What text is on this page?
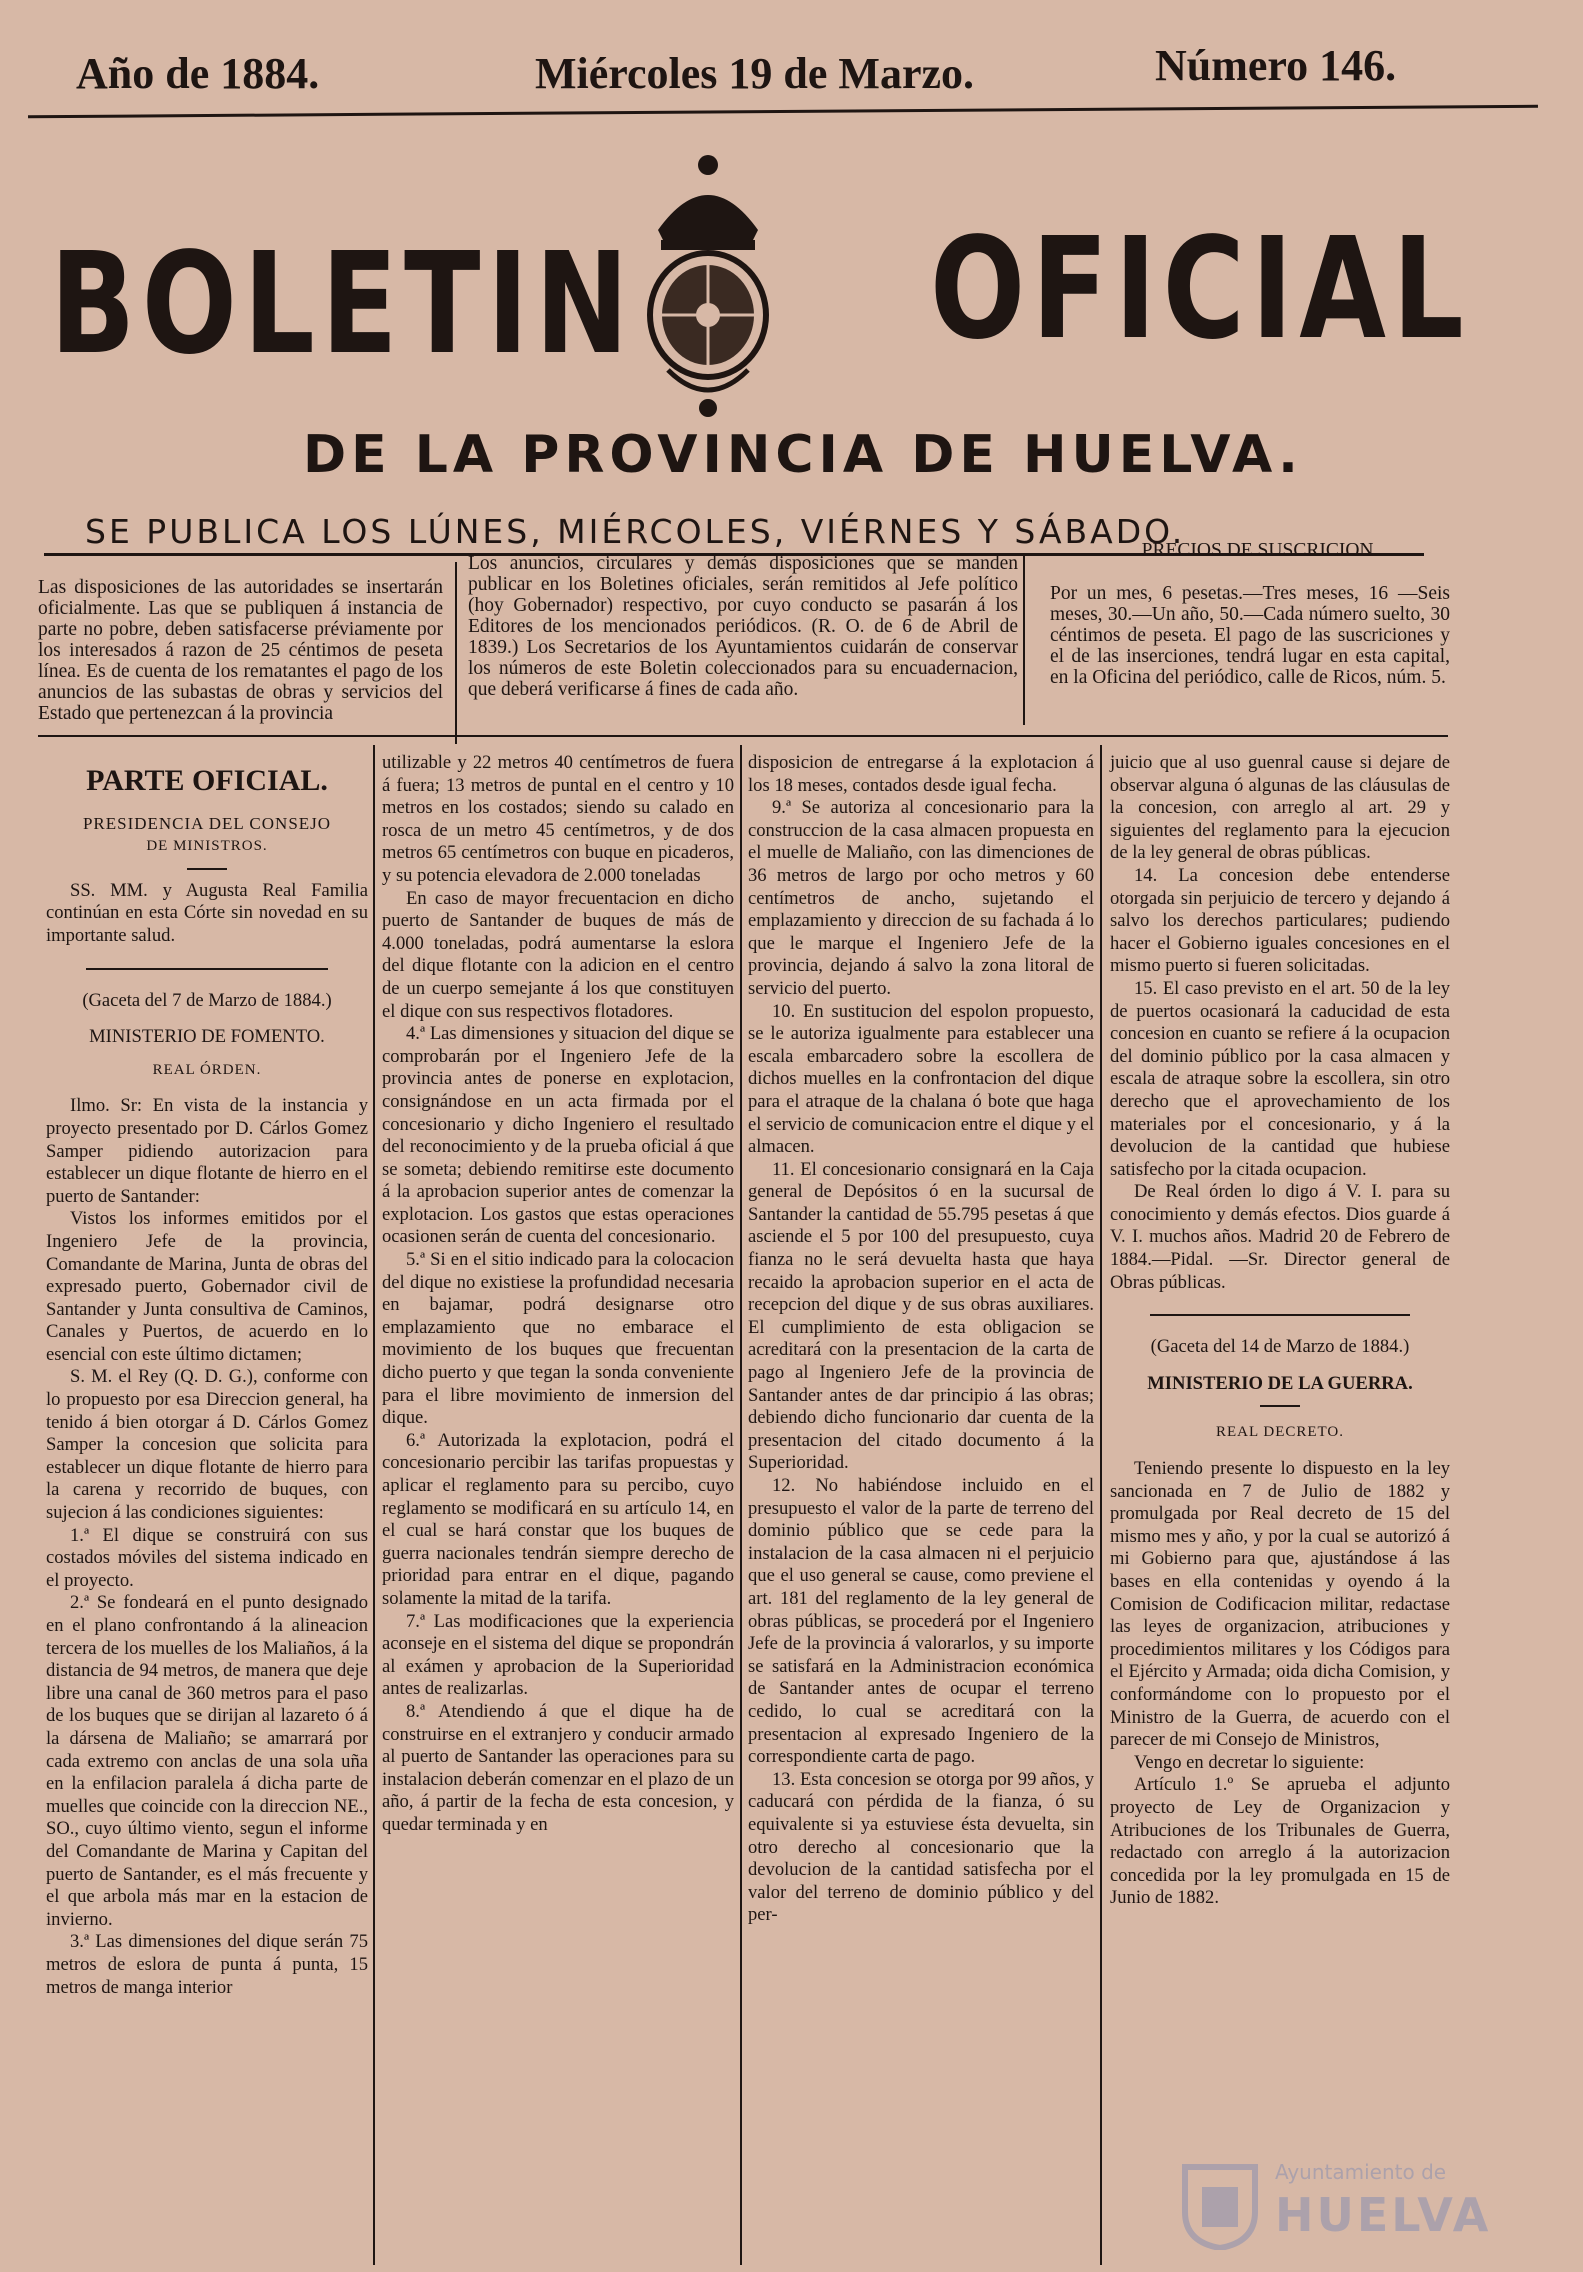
Año de 1884.	Miércoles 19 de Marzo.	Número 146.
BOLETIN OFICIAL
DE LA PROVINCIA DE HUELVA.
SE PUBLICA LOS LÚNES, MIÉRCOLES, VIÉRNES Y SÁBADO.
Las disposiciones de las autoridades se insertarán oficialmente. Las que se publiquen á instancia de parte no pobre, deben satisfacerse préviamente por los interesados á razon de 25 céntimos de peseta línea. Es de cuenta de los rematantes el pago de los anuncios de las subastas de obras y servicios del Estado que pertenezcan á la provincia
Los anuncios, circulares y demás disposiciones que se manden publicar en los Boletines oficiales, serán remitidos al Jefe político (hoy Gobernador) respectivo, por cuyo conducto se pasarán á los Editores de los mencionados periódicos. (R. O. de 6 de Abril de 1839.) Los Secretarios de los Ayuntamientos cuidarán de conservar los números de este Boletin coleccionados para su encuadernacion, que deberá verificarse á fines de cada año.
PRECIOS DE SUSCRICION.
Por un mes, 6 pesetas.—Tres meses, 16 —Seis meses, 30.—Un año, 50.—Cada número suelto, 30 céntimos de peseta. El pago de las suscriciones y el de las inserciones, tendrá lugar en esta capital, en la Oficina del periódico, calle de Ricos, núm. 5.
PARTE OFICIAL.
PRESIDENCIA DEL CONSEJO
DE MINISTROS.

SS. MM. y Augusta Real Familia continúan en esta Córte sin novedad en su importante salud.

(Gaceta del 7 de Marzo de 1884.)

MINISTERIO DE FOMENTO.

REAL ÓRDEN.

Ilmo. Sr: En vista de la instancia y proyecto presentado por D. Cárlos Gomez Samper pidiendo autorizacion para establecer un dique flotante de hierro en el puerto de Santander:

Vistos los informes emitidos por el Ingeniero Jefe de la provincia, Comandante de Marina, Junta de obras del expresado puerto, Gobernador civil de Santander y Junta consultiva de Caminos, Canales y Puertos, de acuerdo en lo esencial con este último dictamen;

S. M. el Rey (Q. D. G.), conforme con lo propuesto por esa Direccion general, ha tenido á bien otorgar á D. Cárlos Gomez Samper la concesion que solicita para establecer un dique flotante de hierro para la carena y recorrido de buques, con sujecion á las condiciones siguientes:

1.ª El dique se construirá con sus costados móviles del sistema indicado en el proyecto.

2.ª Se fondeará en el punto designado en el plano confrontando á la alineacion tercera de los muelles de los Maliaños, á la distancia de 94 metros, de manera que deje libre una canal de 360 metros para el paso de los buques que se dirijan al lazareto ó á la dársena de Maliaño; se amarrará por cada extremo con anclas de una sola uña en la enfilacion paralela á dicha parte de muelles que coincide con la direccion NE., SO., cuyo último viento, segun el informe del Comandante de Marina y Capitan del puerto de Santander, es el más frecuente y el que arbola más mar en la estacion de invierno.

3.ª Las dimensiones del dique serán 75 metros de eslora de punta á punta, 15 metros de manga interior

utilizable y 22 metros 40 centímetros de fuera á fuera; 13 metros de puntal en el centro y 10 metros en los costados; siendo su calado en rosca de un metro 45 centímetros, y de dos metros 65 centímetros con buque en picaderos, y su potencia elevadora de 2.000 toneladas

En caso de mayor frecuentacion en dicho puerto de Santander de buques de más de 4.000 toneladas, podrá aumentarse la eslora del dique flotante con la adicion en el centro de un cuerpo semejante á los que constituyen el dique con sus respectivos flotadores.

4.ª Las dimensiones y situacion del dique se comprobarán por el Ingeniero Jefe de la provincia antes de ponerse en explotacion, consignándose en un acta firmada por el concesionario y dicho Ingeniero el resultado del reconocimiento y de la prueba oficial á que se someta; debiendo remitirse este documento á la aprobacion superior antes de comenzar la explotacion. Los gastos que estas operaciones ocasionen serán de cuenta del concesionario.

5.ª Si en el sitio indicado para la colocacion del dique no existiese la profundidad necesaria en bajamar, podrá designarse otro emplazamiento que no embarace el movimiento de los buques que frecuentan dicho puerto y que tegan la sonda conveniente para el libre movimiento de inmersion del dique.

6.ª Autorizada la explotacion, podrá el concesionario percibir las tarifas propuestas y aplicar el reglamento para su percibo, cuyo reglamento se modificará en su artículo 14, en el cual se hará constar que los buques de guerra nacionales tendrán siempre derecho de prioridad para entrar en el dique, pagando solamente la mitad de la tarifa.

7.ª Las modificaciones que la experiencia aconseje en el sistema del dique se propondrán al exámen y aprobacion de la Superioridad antes de realizarlas.

8.ª Atendiendo á que el dique ha de construirse en el extranjero y conducir armado al puerto de Santander las operaciones para su instalacion deberán comenzar en el plazo de un año, á partir de la fecha de esta concesion, y quedar terminada y en

disposicion de entregarse á la explotacion á los 18 meses, contados desde igual fecha.

9.ª Se autoriza al concesionario para la construccion de la casa almacen propuesta en el muelle de Maliaño, con las dimenciones de 36 metros de largo por ocho metros y 60 centímetros de ancho, sujetando el emplazamiento y direccion de su fachada á lo que le marque el Ingeniero Jefe de la provincia, dejando á salvo la zona litoral de servicio del puerto.

10. En sustitucion del espolon propuesto, se le autoriza igualmente para establecer una escala embarcadero sobre la escollera de dichos muelles en la confrontacion del dique para el atraque de la chalana ó bote que haga el servicio de comunicacion entre el dique y el almacen.

11. El concesionario consignará en la Caja general de Depósitos ó en la sucursal de Santander la cantidad de 55.795 pesetas á que asciende el 5 por 100 del presupuesto, cuya fianza no le será devuelta hasta que haya recaido la aprobacion superior en el acta de recepcion del dique y de sus obras auxiliares. El cumplimiento de esta obligacion se acreditará con la presentacion de la carta de pago al Ingeniero Jefe de la provincia de Santander antes de dar principio á las obras; debiendo dicho funcionario dar cuenta de la presentacion del citado documento á la Superioridad.

12. No habiéndose incluido en el presupuesto el valor de la parte de terreno del dominio público que se cede para la instalacion de la casa almacen ni el perjuicio que el uso general se cause, como previene el art. 181 del reglamento de la ley general de obras públicas, se procederá por el Ingeniero Jefe de la provincia á valorarlos, y su importe se satisfará en la Administracion económica de Santander antes de ocupar el terreno cedido, lo cual se acreditará con la presentacion al expresado Ingeniero de la correspondiente carta de pago.

13. Esta concesion se otorga por 99 años, y caducará con pérdida de la fianza, ó su equivalente si ya estuviese ésta devuelta, sin otro derecho al concesionario que la devolucion de la cantidad satisfecha por el valor del terreno de dominio público y del per-

juicio que al uso guenral cause si dejare de observar alguna ó algunas de las cláusulas de la concesion, con arreglo al art. 29 y siguientes del reglamento para la ejecucion de la ley general de obras públicas.

14. La concesion debe entenderse otorgada sin perjuicio de tercero y dejando á salvo los derechos particulares; pudiendo hacer el Gobierno iguales concesiones en el mismo puerto si fueren solicitadas.

15. El caso previsto en el art. 50 de la ley de puertos ocasionará la caducidad de esta concesion en cuanto se refiere á la ocupacion del dominio público por la casa almacen y escala de atraque sobre la escollera, sin otro derecho que el aprovechamiento de los materiales por el concesionario, y á la devolucion de la cantidad que hubiese satisfecho por la citada ocupacion.

De Real órden lo digo á V. I. para su conocimiento y demás efectos. Dios guarde á V. I. muchos años. Madrid 20 de Febrero de 1884.—Pidal. —Sr. Director general de Obras públicas.

(Gaceta del 14 de Marzo de 1884.)

MINISTERIO DE LA GUERRA.

REAL DECRETO.

Teniendo presente lo dispuesto en la ley sancionada en 7 de Julio de 1882 y promulgada por Real decreto de 15 del mismo mes y año, y por la cual se autorizó á mi Gobierno para que, ajustándose á las bases en ella contenidas y oyendo á la Comision de Codificacion militar, redactase las leyes de organizacion, atribuciones y procedimientos militares y los Códigos para el Ejército y Armada; oida dicha Comision, y conformándome con lo propuesto por el Ministro de la Guerra, de acuerdo con el parecer de mi Consejo de Ministros,

Vengo en decretar lo siguiente:

Artículo 1.º Se aprueba el adjunto proyecto de Ley de Organizacion y Atribuciones de los Tribunales de Guerra, redactado con arreglo á la autorizacion concedida por la ley promulgada en 15 de Junio de 1882.

Ayuntamiento de
HUELVA
